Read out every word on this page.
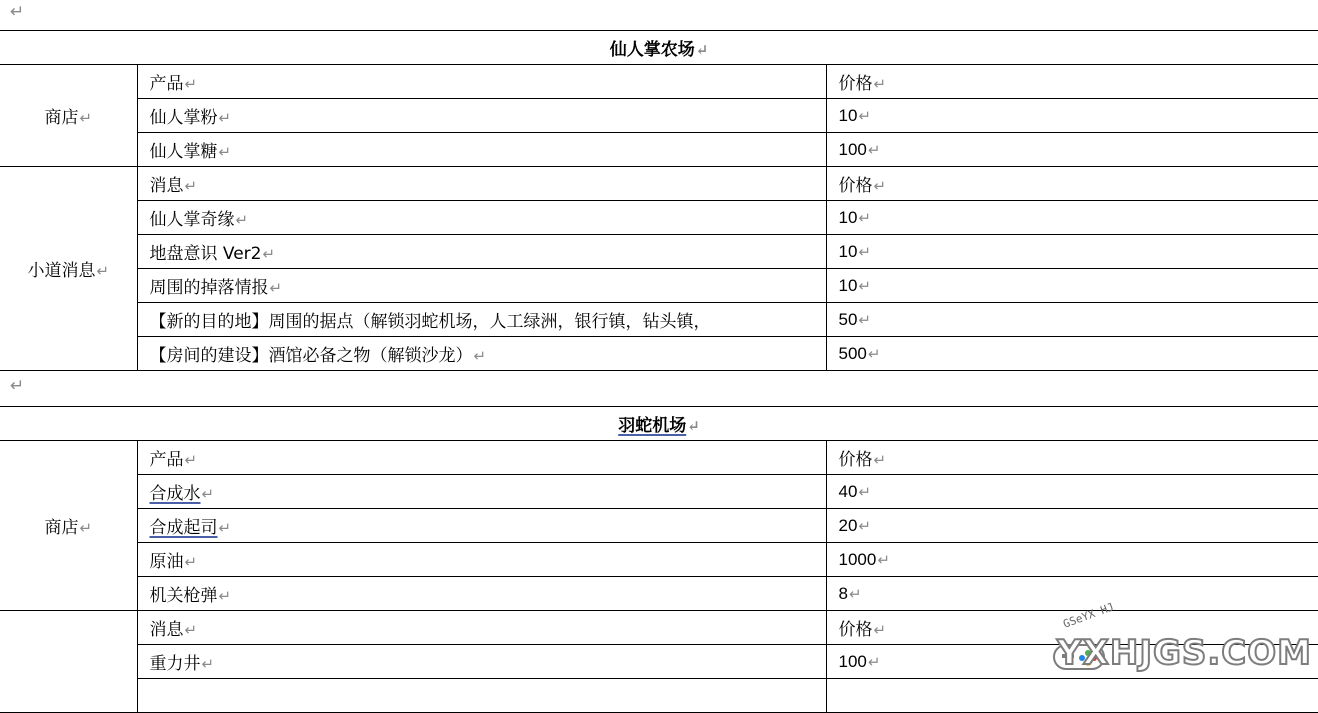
↵
仙人掌农场↵		
商店↵	产品↵	价格↵
	仙人掌粉↵	10↵
	仙人掌糖↵	100↵
小道消息↵	消息↵	价格↵
	仙人掌奇缘↵	10↵
	地盘意识 Ver2↵	10↵
	周围的掉落情报↵	10↵
	【新的目的地】周围的据点（解锁羽蛇机场，人工绿洲，银行镇，钻头镇，	50↵
	【房间的建设】酒馆必备之物（解锁沙龙）↵	500↵
↵
羽蛇机场↵		
商店↵	产品↵	价格↵
	合成水↵	40↵
	合成起司↵	20↵
	原油↵	1000↵
	机关枪弹↵	8↵
	消息↵	价格↵
	重力井↵	100↵

GSeYX HJ
YXHJGS.COM
